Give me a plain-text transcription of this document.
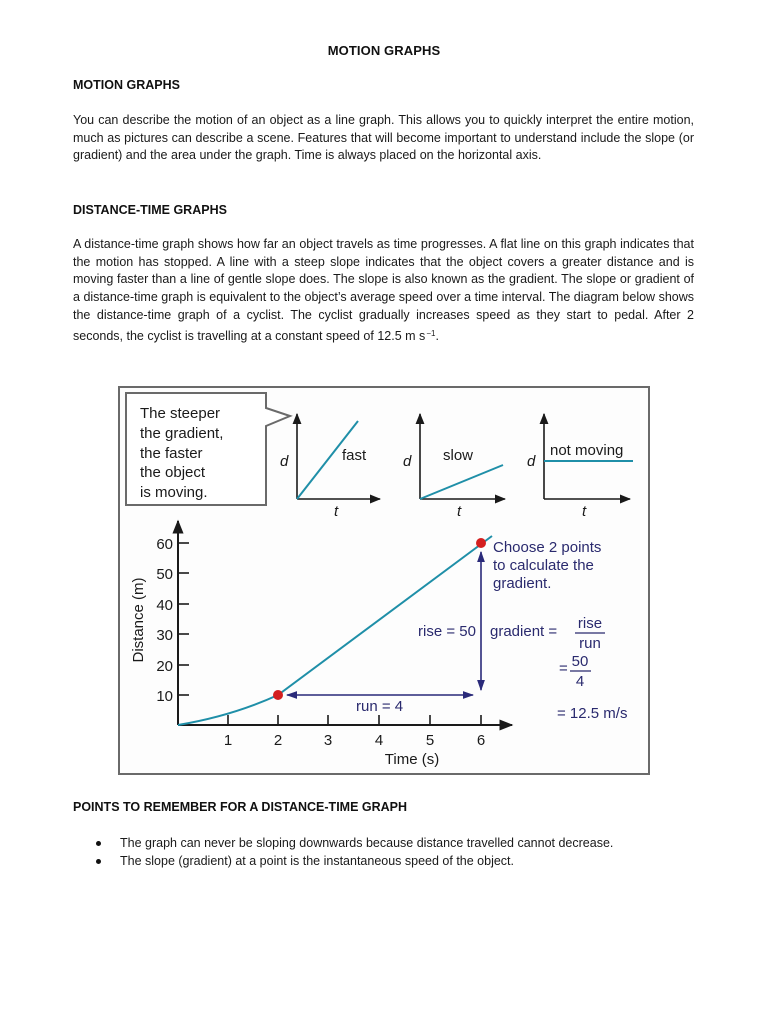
MOTION GRAPHS
MOTION GRAPHS
You can describe the motion of an object as a line graph. This allows you to quickly interpret the entire motion, much as pictures can describe a scene. Features that will become important to understand include the slope (or gradient) and the area under the graph. Time is always placed on the horizontal axis.
DISTANCE-TIME GRAPHS
A distance-time graph shows how far an object travels as time progresses. A flat line on this graph indicates that the motion has stopped. A line with a steep slope indicates that the object covers a greater distance and is moving faster than a line of gentle slope does. The slope is also known as the gradient. The slope or gradient of a distance-time graph is equivalent to the object’s average speed over a time interval. The diagram below shows the distance-time graph of a cyclist. The cyclist gradually increases speed as they start to pedal. After 2 seconds, the cyclist is travelling at a constant speed of 12.5 m s $^{-1}$.
The steeper
the gradient,
the faster
the object
is moving.
d
t
fast d
t
slow	d
t
not moving
60
50
40
30
20
10
1	2	3	4	5	6
Time (s)
Distance (m)
Choose 2 points
to calculate the
gradient.
rise = 50
run = 4
gradient = rise
run
= 50
4
= 12.5 m/s
POINTS TO REMEMBER FOR A DISTANCE-TIME GRAPH
The graph can never be sloping downwards because distance travelled cannot decrease.
The slope (gradient) at a point is the instantaneous speed of the object.
